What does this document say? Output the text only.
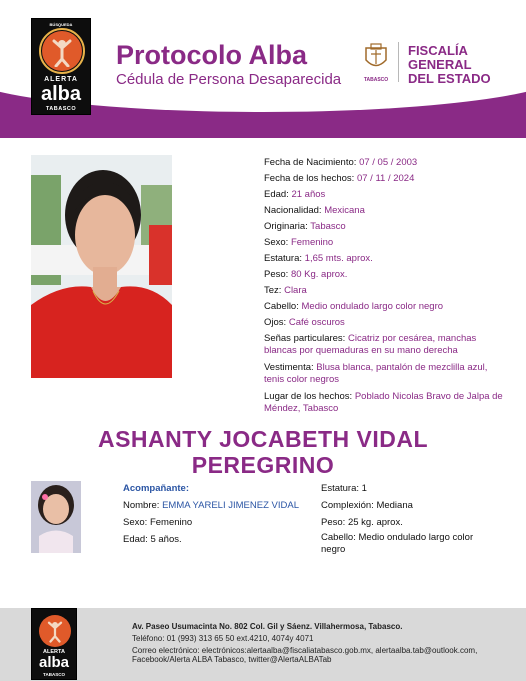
BÚSQUEDA
ALERTA
alba
TABASCO
Protocolo Alba
Cédula de Persona Desaparecida	TABASCO
FISCALÍA
GENERAL
DEL ESTADO
Fecha de Nacimiento: 07 / 05 / 2003
Fecha de los hechos: 07 / 11 / 2024
Edad: 21 años
Nacionalidad: Mexicana
Originaria: Tabasco
Sexo: Femenino
Estatura: 1,65 mts. aprox.
Peso: 80 Kg. aprox.
Tez: Clara
Cabello: Medio ondulado largo color negro
Ojos: Café oscuros
Señas particulares: Cicatriz por cesárea, manchas blancas por quemaduras en su mano derecha
Vestimenta: Blusa blanca, pantalón de mezclilla azul, tenis color negros
Lugar de los hechos: Poblado Nicolas Bravo de Jalpa de Méndez, Tabasco
ASHANTY JOCABETH VIDAL
PEREGRINO
Acompañante:
Nombre: EMMA YARELI JIMENEZ VIDAL
Sexo: Femenino
Edad: 5 años.
Estatura: 1
Complexión: Mediana
Peso: 25 kg. aprox.
Cabello: Medio ondulado largo color negro
ALERTA
alba
TABASCO
Av. Paseo Usumacinta No. 802 Col. Gil y Sáenz. Villahermosa, Tabasco.
Teléfono: 01 (993) 313 65 50 ext.4210, 4074y 4071
Correo electrónico: electrónicos:alertaalba@fiscaliatabasco.gob.mx, alertaalba.tab@outlook.com,
Facebook/Alerta ALBA Tabasco, twitter@AlertaALBATab
